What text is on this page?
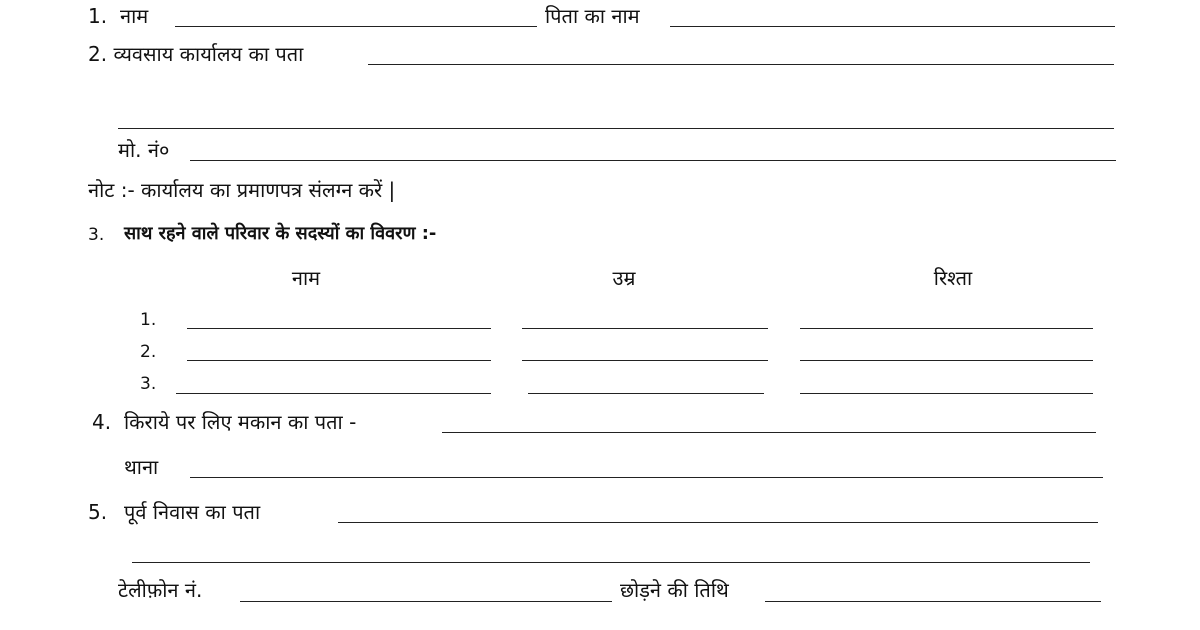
1. नाम	पिता का नाम
2. व्यवसाय कार्यालय का पता
मो. नं०
नोट :- कार्यालय का प्रमाणपत्र संलग्न करें |
3. साथ रहने वाले परिवार के सदस्यों का विवरण :-
नाम	उम्र	रिश्ता
1.
2.
3.
4. किराये पर लिए मकान का पता -
थाना
5. पूर्व निवास का पता
टेलीफ़ोन नं.	छोड़ने की तिथि
